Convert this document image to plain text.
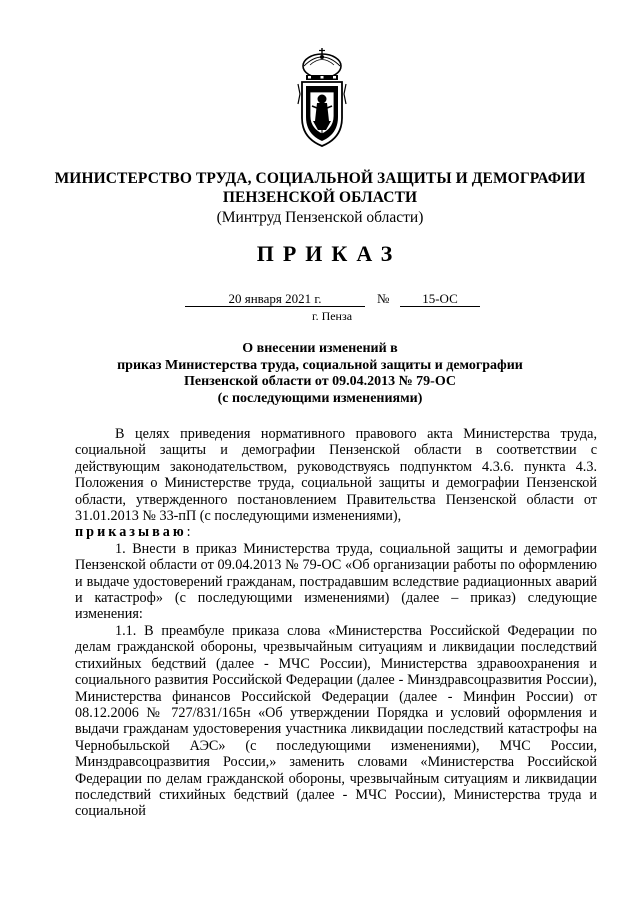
МИНИСТЕРСТВО ТРУДА, СОЦИАЛЬНОЙ ЗАЩИТЫ И ДЕМОГРАФИИ
ПЕНЗЕНСКОЙ ОБЛАСТИ
(Минтруд Пензенской области)
ПРИКАЗ
20 января 2021 г.	№	15-ОС
г. Пенза
О внесении изменений в
приказ Министерства труда, социальной защиты и демографии
Пензенской области от 09.04.2013 № 79-ОС
(с последующими изменениями)

В целях приведения нормативного правового акта Министерства труда, социальной защиты и демографии Пензенской области в соответствии с действующим законодательством, руководствуясь подпунктом 4.3.6. пункта 4.3. Положения о Министерстве труда, социальной защиты и демографии Пензенской области, утвержденного постановлением Правительства Пензенской области от 31.01.2013 № 33-пП (с последующими изменениями),

приказываю:

1. Внести в приказ Министерства труда, социальной защиты и демографии Пензенской области от 09.04.2013 № 79-ОС «Об организации работы по оформлению и выдаче удостоверений гражданам, пострадавшим вследствие радиационных аварий и катастроф» (с последующими изменениями) (далее – приказ) следующие изменения:

1.1. В преамбуле приказа слова «Министерства Российской Федерации по делам гражданской обороны, чрезвычайным ситуациям и ликвидации последствий стихийных бедствий (далее - МЧС России), Министерства здравоохранения и социального развития Российской Федерации (далее - Минздравсоцразвития России), Министерства финансов Российской Федерации (далее - Минфин России) от 08.12.2006 № 727/831/165н «Об утверждении Порядка и условий оформления и выдачи гражданам удостоверения участника ликвидации последствий катастрофы на Чернобыльской АЭС» (с последующими изменениями), МЧС России, Минздравсоцразвития России,» заменить словами «Министерства Российской Федерации по делам гражданской обороны, чрезвычайным ситуациям и ликвидации последствий стихийных бедствий (далее - МЧС России), Министерства труда и социальной
